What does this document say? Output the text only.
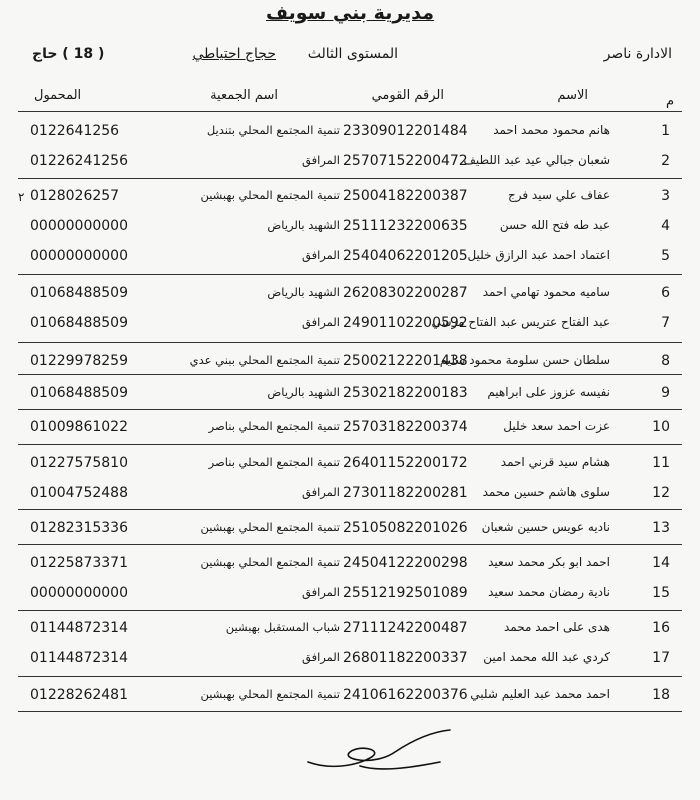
مديرية بني سويف
الادارة ناصر
المستوى الثالث
حجاج احتياطي
( 18 ) حاج
م
الاسم
الرقم القومي
اسم الجمعية
المحمول
٢
1
هانم محمود محمد احمد
23309012201484
تنمية المجتمع المحلي بتنديل
0122641256
2
شعبان جبالي عيد عبد اللطيف
25707152200472
المرافق
01226241256
3
عفاف علي سيد فرج
25004182200387
تنمية المجتمع المحلي بهبشين
0128026257
4
عبد طه فتح الله حسن
25111232200635
الشهيد بالرياض
00000000000
5
اعتماد احمد عبد الرازق خليل
25404062201205
المرافق
00000000000
6
ساميه محمود تهامي احمد
26208302200287
الشهيد بالرياض
01068488509
7
عبد الفتاح عتريس عبد الفتاح مرسي
24901102200592
المرافق
01068488509
8
سلطان حسن سلومة محمود سليم
25002122201438
تنمية المجتمع المحلي ببني عدي
01229978259
9
نفيسه عزوز على ابراهيم
25302182200183
الشهيد بالرياض
01068488509
10
عزت احمد سعد خليل
25703182200374
تنمية المجتمع المحلي بناصر
01009861022
11
هشام سيد قرني احمد
26401152200172
تنمية المجتمع المحلي بناصر
01227575810
12
سلوى هاشم حسين محمد
27301182200281
المرافق
01004752488
13
ناديه عويس حسين شعبان
25105082201026
تنمية المجتمع المحلي بهبشين
01282315336
14
احمد ابو بكر محمد سعيد
24504122200298
تنمية المجتمع المحلي بهبشين
01225873371
15
نادية رمضان محمد سعيد
25512192501089
المرافق
00000000000
16
هدى على احمد محمد
27111242200487
شباب المستقبل بهبشين
01144872314
17
كردي عبد الله محمد امين
26801182200337
المرافق
01144872314
18
احمد محمد عبد العليم شلبي
24106162200376
تنمية المجتمع المحلي بهبشين
01228262481
